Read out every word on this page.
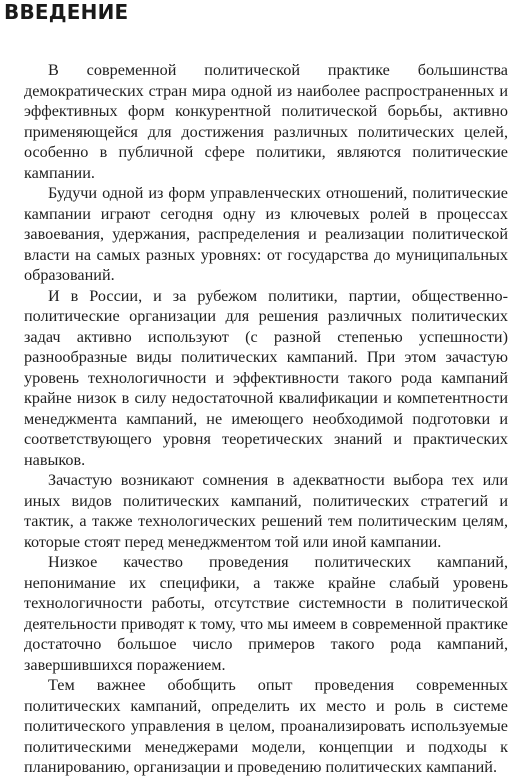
ВВЕДЕНИЕ

В современной политической практике большинства демократических стран мира одной из наиболее распространенных и эффективных форм конкурентной политической борьбы, активно применяющейся для достижения различных политических целей, особенно в публичной сфере политики, являются политические кампании.

Будучи одной из форм управленческих отношений, политические кампании играют сегодня одну из ключевых ролей в процессах завоевания, удержания, распределения и реализации политической власти на самых разных уровнях: от государства до муниципальных образований.

И в России, и за рубежом политики, партии, общественно-политические организации для решения различных политических задач активно используют (с разной степенью успешности) разнообразные виды политических кампаний. При этом зачастую уровень технологичности и эффективности такого рода кампаний крайне низок в силу недостаточной квалификации и компетентности менеджмента кампаний, не имеющего необходимой подготовки и соответствующего уровня теоретических знаний и практических навыков.

Зачастую возникают сомнения в адекватности выбора тех или иных видов политических кампаний, политических стратегий и тактик, а также технологических решений тем политическим целям, которые стоят перед менеджментом той или иной кампании.

Низкое качество проведения политических кампаний, непонимание их специфики, а также крайне слабый уровень технологичности работы, отсутствие системности в политической деятельности приводят к тому, что мы имеем в современной практике достаточно большое число примеров такого рода кампаний, завершившихся поражением.

Тем важнее обобщить опыт проведения современных политических кампаний, определить их место и роль в системе политического управления в целом, проанализировать используемые политическими менеджерами модели, концепции и подходы к планированию, организации и проведению политических кампаний.
